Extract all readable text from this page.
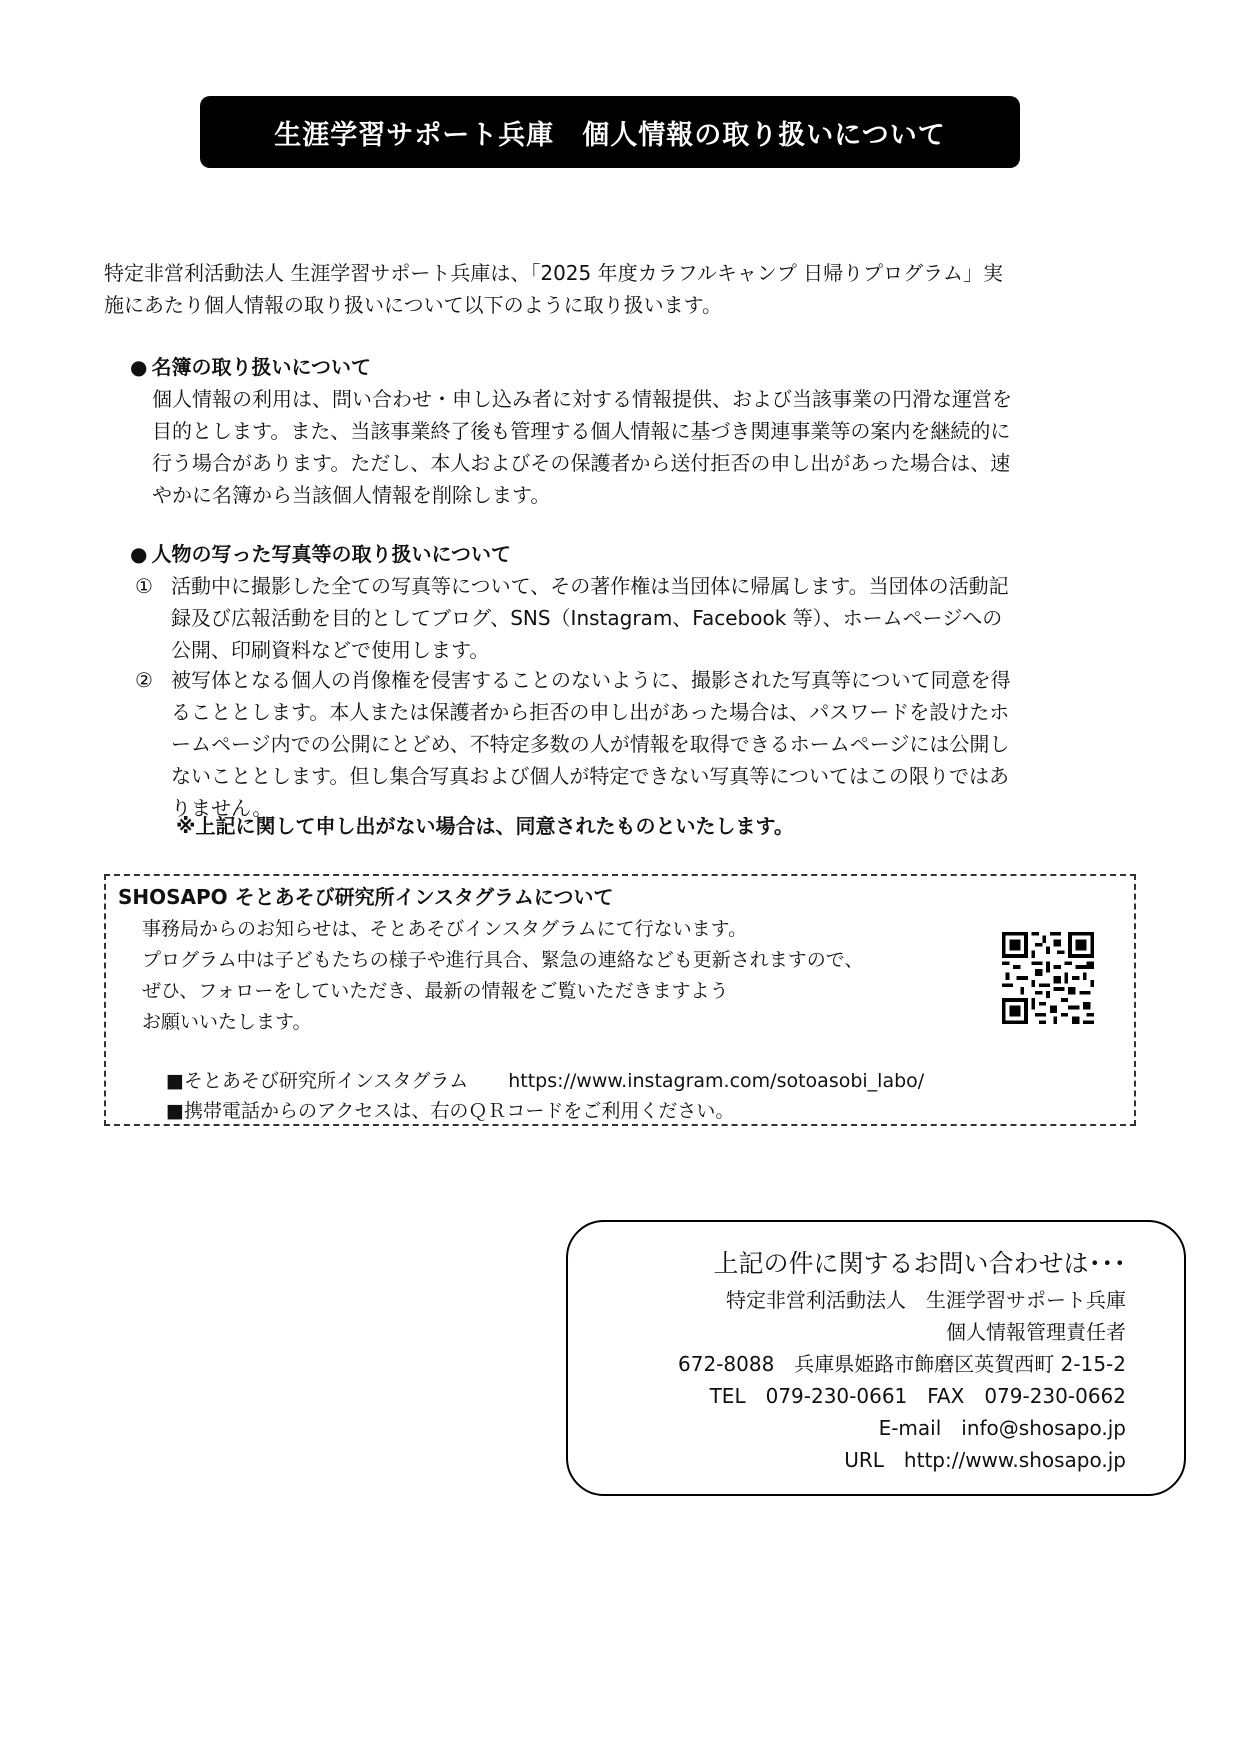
生涯学習サポート兵庫　個人情報の取り扱いについて
特定非営利活動法人 生涯学習サポート兵庫は、「2025 年度カラフルキャンプ 日帰りプログラム」実
施にあたり個人情報の取り扱いについて以下のように取り扱います。
● 名簿の取り扱いについて
個人情報の利用は、問い合わせ・申し込み者に対する情報提供、および当該事業の円滑な運営を
目的とします。また、当該事業終了後も管理する個人情報に基づき関連事業等の案内を継続的に
行う場合があります。ただし、本人およびその保護者から送付拒否の申し出があった場合は、速
やかに名簿から当該個人情報を削除します。
● 人物の写った写真等の取り扱いについて
① 活動中に撮影した全ての写真等について、その著作権は当団体に帰属します。当団体の活動記
録及び広報活動を目的としてブログ、SNS（Instagram、Facebook 等）、ホームページへの
公開、印刷資料などで使用します。
② 被写体となる個人の肖像権を侵害することのないように、撮影された写真等について同意を得
ることとします。本人または保護者から拒否の申し出があった場合は、パスワードを設けたホ
ームページ内での公開にとどめ、不特定多数の人が情報を取得できるホームページには公開し
ないこととします。但し集合写真および個人が特定できない写真等についてはこの限りではあ
りません。
※上記に関して申し出がない場合は、同意されたものといたします。
SHOSAPO そとあそび研究所インスタグラムについて
事務局からのお知らせは、そとあそびインスタグラムにて行ないます。
プログラム中は子どもたちの様子や進行具合、緊急の連絡なども更新されますので、
ぜひ、フォローをしていただき、最新の情報をご覧いただきますよう
お願いいたします。
■そとあそび研究所インスタグラム https://www.instagram.com/sotoasobi_labo/
■携帯電話からのアクセスは、右のＱＲコードをご利用ください。
上記の件に関するお問い合わせは･･･
特定非営利活動法人　生涯学習サポート兵庫
個人情報管理責任者
672-8088　兵庫県姫路市飾磨区英賀西町 2-15-2
TEL　079-230-0661　FAX　079-230-0662
E-mail　info@shosapo.jp
URL　http://www.shosapo.jp
